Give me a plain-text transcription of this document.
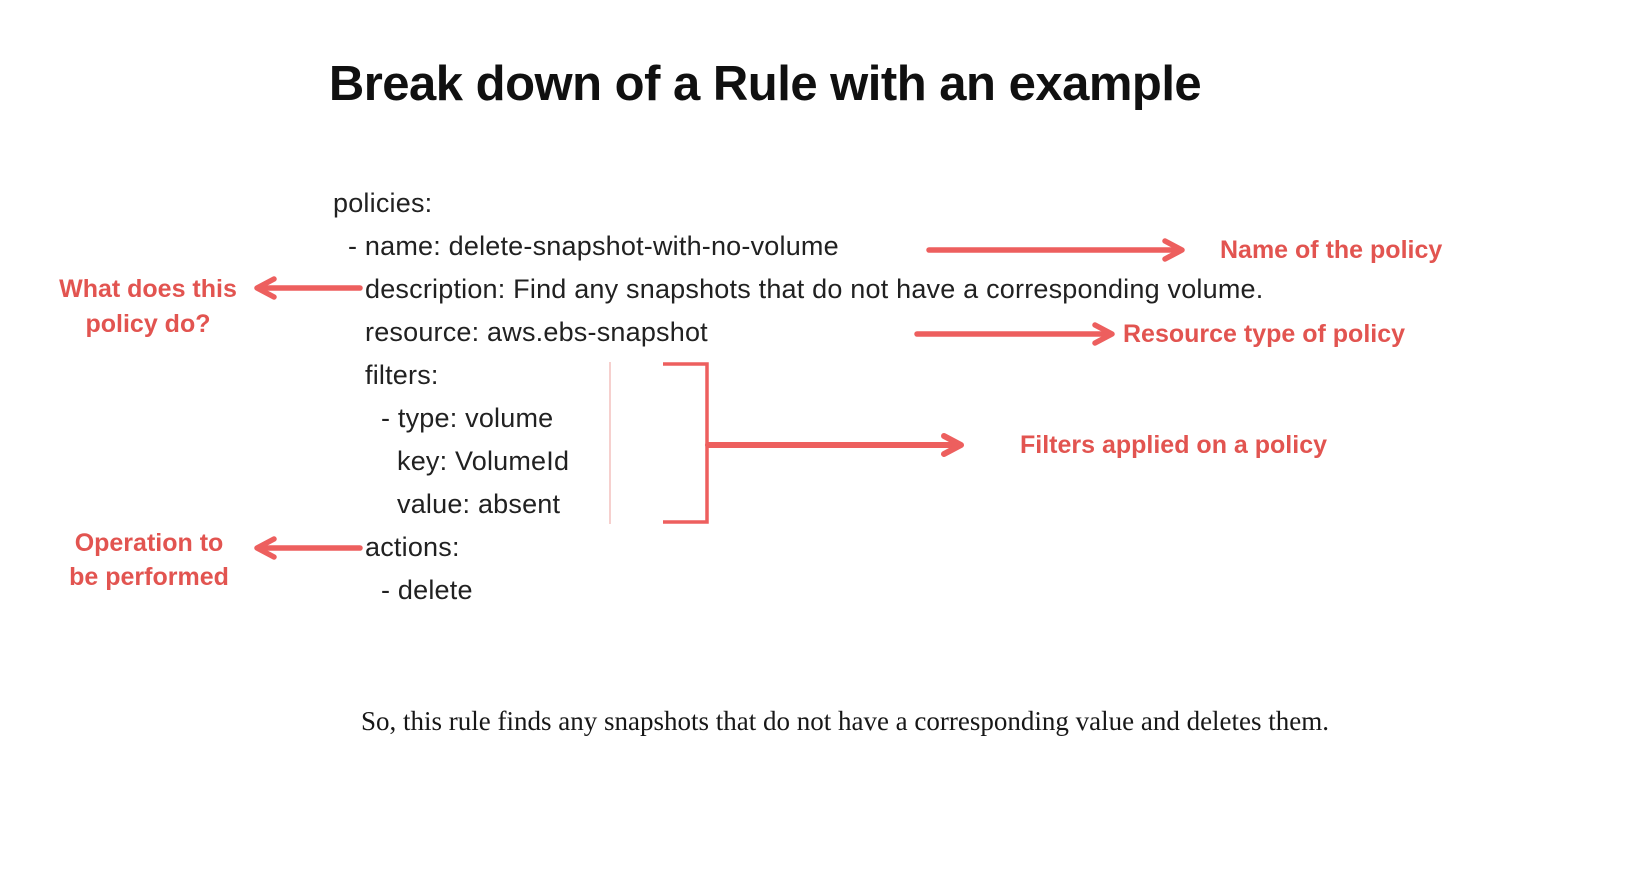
Break down of a Rule with an example
policies:
- name: delete-snapshot-with-no-volume
description: Find any snapshots that do not have a corresponding volume.
resource: aws.ebs-snapshot
filters:
- type: volume
key: VolumeId
value: absent
actions:
- delete
Name of the policy
What does this
policy do?	Resource type of policy
Filters applied on a policy
Operation to
be performed
So, this rule finds any snapshots that do not have a corresponding value and deletes them.
